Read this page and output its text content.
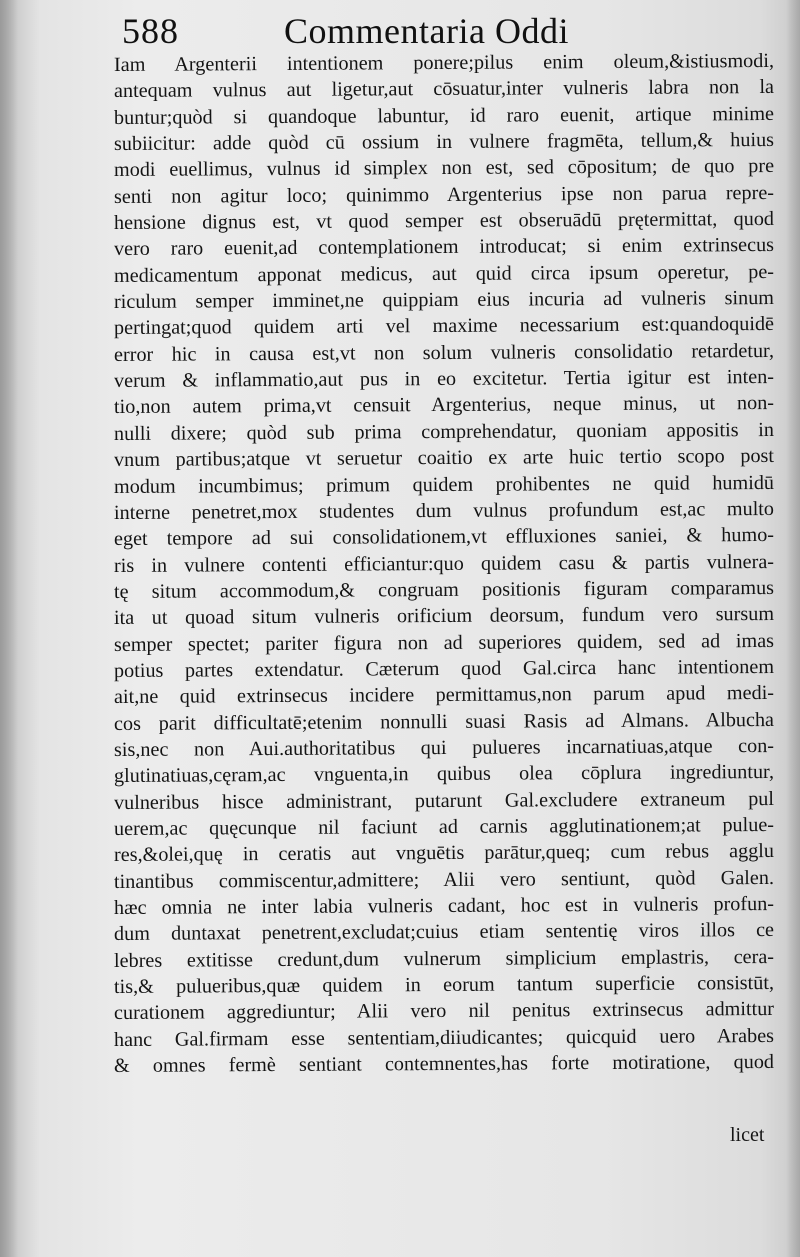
588	Commentaria Oddi
Iam Argenterii intentionem ponere;pilus enim oleum,&istiusmodi,
antequam vulnus aut ligetur,aut cōsuatur,inter vulneris labra non la
buntur;quòd si quandoque labuntur, id raro euenit, artique minime
subiicitur: adde quòd cū ossium in vulnere fragmēta, tellum,& huius
modi euellimus, vulnus id simplex non est, sed cōpositum; de quo pre
senti non agitur loco; quinimmo Argenterius ipse non parua repre-
hensione dignus est, vt quod semper est obseruādū prętermittat, quod
vero raro euenit,ad contemplationem introducat; si enim extrinsecus
medicamentum apponat medicus, aut quid circa ipsum operetur, pe-
riculum semper imminet,ne quippiam eius incuria ad vulneris sinum
pertingat;quod quidem arti vel maxime necessarium est:quandoquidē
error hic in causa est,vt non solum vulneris consolidatio retardetur,
verum & inflammatio,aut pus in eo excitetur. Tertia igitur est inten-
tio,non autem prima,vt censuit Argenterius, neque minus, ut non-
nulli dixere; quòd sub prima comprehendatur, quoniam appositis in
vnum partibus;atque vt seruetur coaitio ex arte huic tertio scopo post
modum incumbimus; primum quidem prohibentes ne quid humidū
interne penetret,mox studentes dum vulnus profundum est,ac multo
eget tempore ad sui consolidationem,vt effluxiones saniei, & humo-
ris in vulnere contenti efficiantur:quo quidem casu & partis vulnera-
tę situm accommodum,& congruam positionis figuram comparamus
ita ut quoad situm vulneris orificium deorsum, fundum vero sursum
semper spectet; pariter figura non ad superiores quidem, sed ad imas
potius partes extendatur. Cæterum quod Gal.circa hanc intentionem
ait,ne quid extrinsecus incidere permittamus,non parum apud medi-
cos parit difficultatē;etenim nonnulli suasi Rasis ad Almans. Albucha
sis,nec non Aui.authoritatibus qui pulueres incarnatiuas,atque con-
glutinatiuas,cęram,ac vnguenta,in quibus olea cōplura ingrediuntur,
vulneribus hisce administrant, putarunt Gal.excludere extraneum pul
uerem,ac quęcunque nil faciunt ad carnis agglutinationem;at pulue-
res,&olei,quę in ceratis aut vnguētis parātur,queq; cum rebus agglu
tinantibus commiscentur,admittere; Alii vero sentiunt, quòd Galen.
hæc omnia ne inter labia vulneris cadant, hoc est in vulneris profun-
dum duntaxat penetrent,excludat;cuius etiam sententię viros illos ce
lebres extitisse credunt,dum vulnerum simplicium emplastris, cera-
tis,& pulueribus,quæ quidem in eorum tantum superficie consistūt,
curationem aggrediuntur; Alii vero nil penitus extrinsecus admittur
hanc Gal.firmam esse sententiam,diiudicantes; quicquid uero Arabes
& omnes fermè sentiant contemnentes,has forte motiratione, quod
licet
